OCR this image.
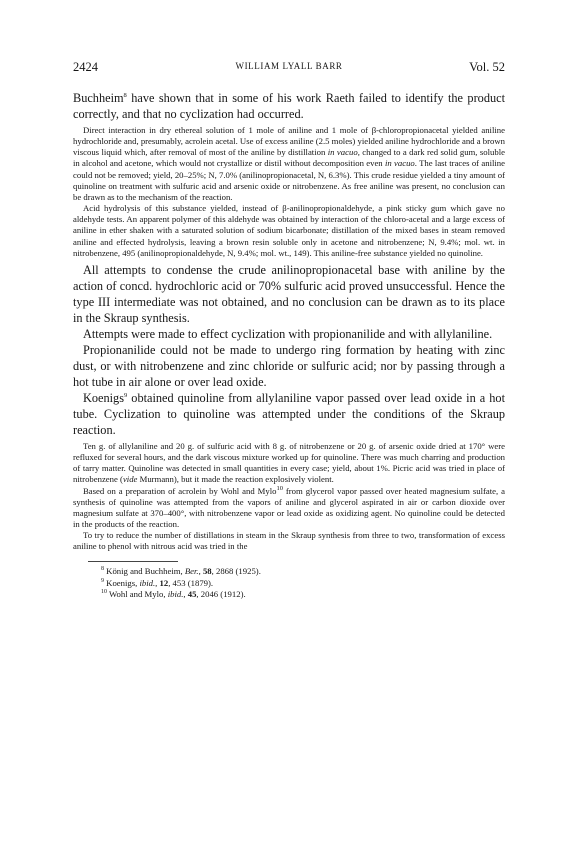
2424	WILLIAM LYALL BARR	Vol. 52

Buchheim$^8$ have shown that in some of his work Raeth failed to identify the product correctly, and that no cyclization had occurred.

Direct interaction in dry ethereal solution of 1 mole of aniline and 1 mole of β-chloropropionacetal yielded aniline hydrochloride and, presumably, acrolein acetal. Use of excess aniline (2.5 moles) yielded aniline hydrochloride and a brown viscous liquid which, after removal of most of the aniline by distillation in vacuo, changed to a dark red solid gum, soluble in alcohol and acetone, which would not crystallize or distil without decomposition even in vacuo. The last traces of aniline could not be removed; yield, 20–25%; N, 7.0% (anilinopropionacetal, N, 6.3%). This crude residue yielded a tiny amount of quinoline on treatment with sulfuric acid and arsenic oxide or nitrobenzene. As free aniline was present, no conclusion can be drawn as to the mechanism of the reaction.

Acid hydrolysis of this substance yielded, instead of β-anilinopropionaldehyde, a pink sticky gum which gave no aldehyde tests. An apparent polymer of this aldehyde was obtained by interaction of the chloro-acetal and a large excess of aniline in ether shaken with a saturated solution of sodium bicarbonate; distillation of the mixed bases in steam removed aniline and effected hydrolysis, leaving a brown resin soluble only in acetone and nitrobenzene; N, 9.4%; mol. wt. in nitrobenzene, 495 (anilinopropionaldehyde, N, 9.4%; mol. wt., 149). This aniline-free substance yielded no quinoline.

All attempts to condense the crude anilinopropionacetal base with aniline by the action of concd. hydrochloric acid or 70% sulfuric acid proved unsuccessful. Hence the type III intermediate was not obtained, and no conclusion can be drawn as to its place in the Skraup synthesis.

Attempts were made to effect cyclization with propionanilide and with allylaniline.

Propionanilide could not be made to undergo ring formation by heating with zinc dust, or with nitrobenzene and zinc chloride or sulfuric acid; nor by passing through a hot tube in air alone or over lead oxide.

Koenigs$^9$ obtained quinoline from allylaniline vapor passed over lead oxide in a hot tube. Cyclization to quinoline was attempted under the conditions of the Skraup reaction.

Ten g. of allylaniline and 20 g. of sulfuric acid with 8 g. of nitrobenzene or 20 g. of arsenic oxide dried at 170° were refluxed for several hours, and the dark viscous mixture worked up for quinoline. There was much charring and production of tarry matter. Quinoline was detected in small quantities in every case; yield, about 1%. Picric acid was tried in place of nitrobenzene (vide Murmann), but it made the reaction explosively violent.

Based on a preparation of acrolein by Wohl and Mylo$^{10}$ from glycerol vapor passed over heated magnesium sulfate, a synthesis of quinoline was attempted from the vapors of aniline and glycerol aspirated in air or carbon dioxide over magnesium sulfate at 370–400°, with nitrobenzene vapor or lead oxide as oxidizing agent. No quinoline could be detected in the products of the reaction.

To try to reduce the number of distillations in steam in the Skraup synthesis from three to two, transformation of excess aniline to phenol with nitrous acid was tried in the

$^8$ König and Buchheim, Ber., 58, 2868 (1925).

$^9$ Koenigs, ibid., 12, 453 (1879).

$^{10}$ Wohl and Mylo, ibid., 45, 2046 (1912).
